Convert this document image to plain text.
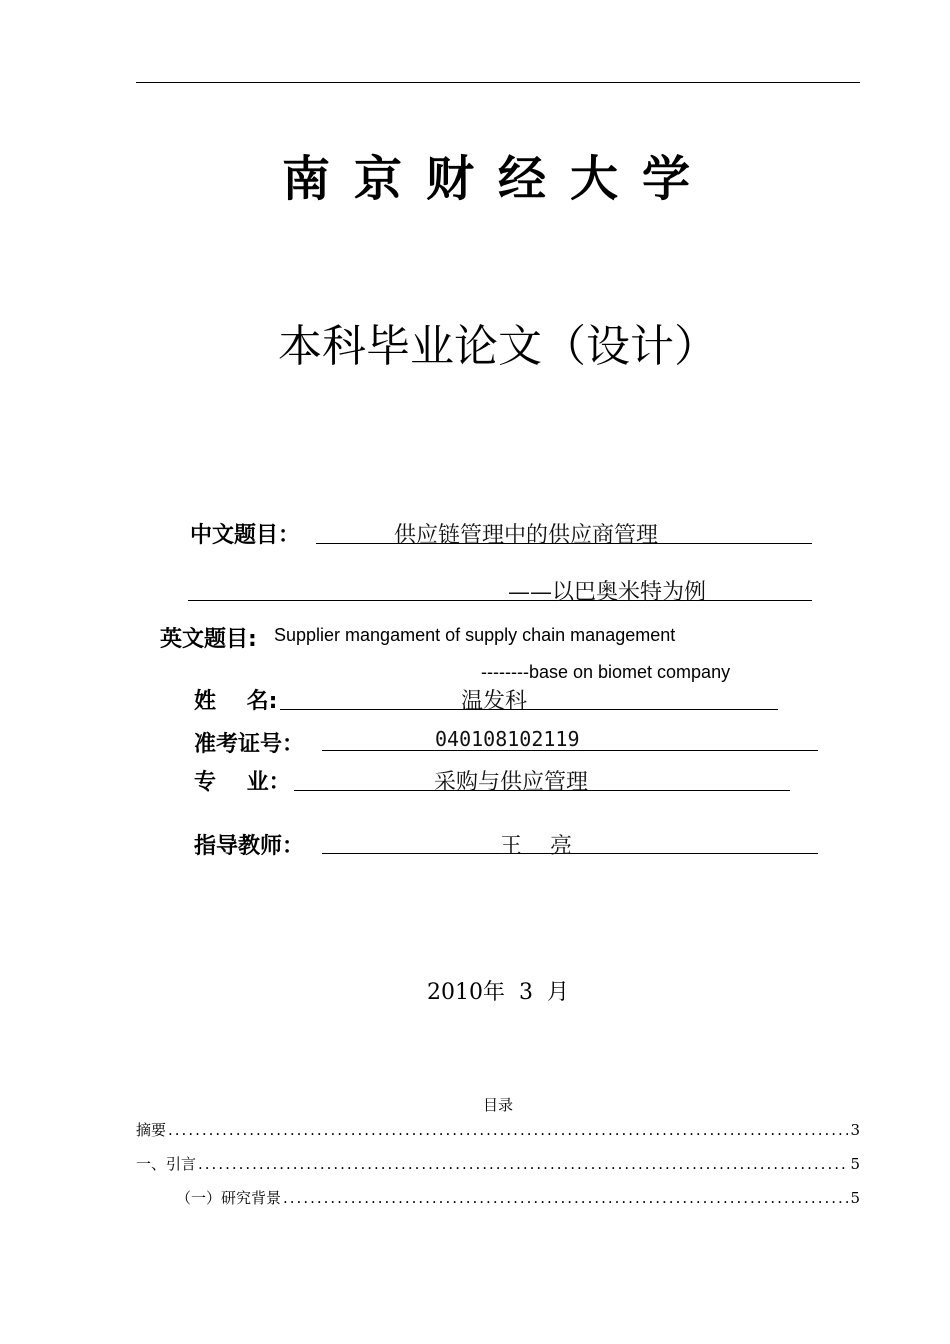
南京财经大学
本科毕业论文（设计）
中文题目：	供应链管理中的供应商管理
——以巴奥米特为例
英文题目: Supplier mangament of supply chain management
--------base on biomet company
姓    名:	温发科
准考证号：	040108102119
专    业：	采购与供应管理
指导教师：	王    亮
2010年  3  月
目录
摘要 .....	3
一、引言 .....	5
（一）研究背景 .....	5
